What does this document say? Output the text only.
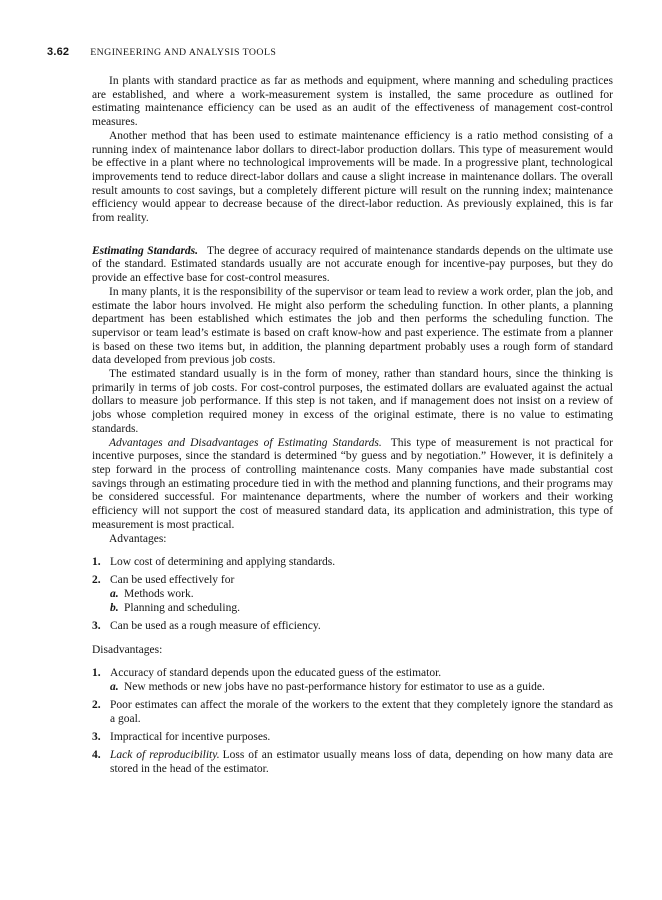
3.62 ENGINEERING AND ANALYSIS TOOLS

In plants with standard practice as far as methods and equipment, where manning and scheduling practices are established, and where a work-measurement system is installed, the same procedure as outlined for estimating maintenance efficiency can be used as an audit of the effectiveness of management cost-control measures.

Another method that has been used to estimate maintenance efficiency is a ratio method consisting of a running index of maintenance labor dollars to direct-labor production dollars. This type of measurement would be effective in a plant where no technological improvements will be made. In a progressive plant, technological improvements tend to reduce direct-labor dollars and cause a slight increase in maintenance dollars. The overall result amounts to cost savings, but a completely different picture will result on the running index; maintenance efficiency would appear to decrease because of the direct-labor reduction. As previously explained, this is far from reality.

Estimating Standards. The degree of accuracy required of maintenance standards depends on the ultimate use of the standard. Estimated standards usually are not accurate enough for incentive-pay purposes, but they do provide an effective base for cost-control measures.

In many plants, it is the responsibility of the supervisor or team lead to review a work order, plan the job, and estimate the labor hours involved. He might also perform the scheduling function. In other plants, a planning department has been established which estimates the job and then performs the scheduling function. The supervisor or team lead’s estimate is based on craft know-how and past experience. The estimate from a planner is based on these two items but, in addition, the planning department probably uses a rough form of standard data developed from previous job costs.

The estimated standard usually is in the form of money, rather than standard hours, since the thinking is primarily in terms of job costs. For cost-control purposes, the estimated dollars are evaluated against the actual dollars to measure job performance. If this step is not taken, and if management does not insist on a review of jobs whose completion required money in excess of the original estimate, there is no value to estimating standards.

Advantages and Disadvantages of Estimating Standards. This type of measurement is not practical for incentive purposes, since the standard is determined “by guess and by negotiation.” However, it is definitely a step forward in the process of controlling maintenance costs. Many companies have made substantial cost savings through an estimating procedure tied in with the method and planning functions, and their programs may be considered successful. For maintenance departments, where the number of workers and their working efficiency will not support the cost of measured standard data, its application and administration, this type of measurement is most practical.

Advantages:

1. Low cost of determining and applying standards.
2. Can be used effectively for
a. Methods work.
b. Planning and scheduling.
3. Can be used as a rough measure of efficiency.

Disadvantages:

1. Accuracy of standard depends upon the educated guess of the estimator.
a. New methods or new jobs have no past-performance history for estimator to use as a guide.
2. Poor estimates can affect the morale of the workers to the extent that they completely ignore the standard as a goal.
3. Impractical for incentive purposes.
4. Lack of reproducibility. Loss of an estimator usually means loss of data, depending on how many data are stored in the head of the estimator.
